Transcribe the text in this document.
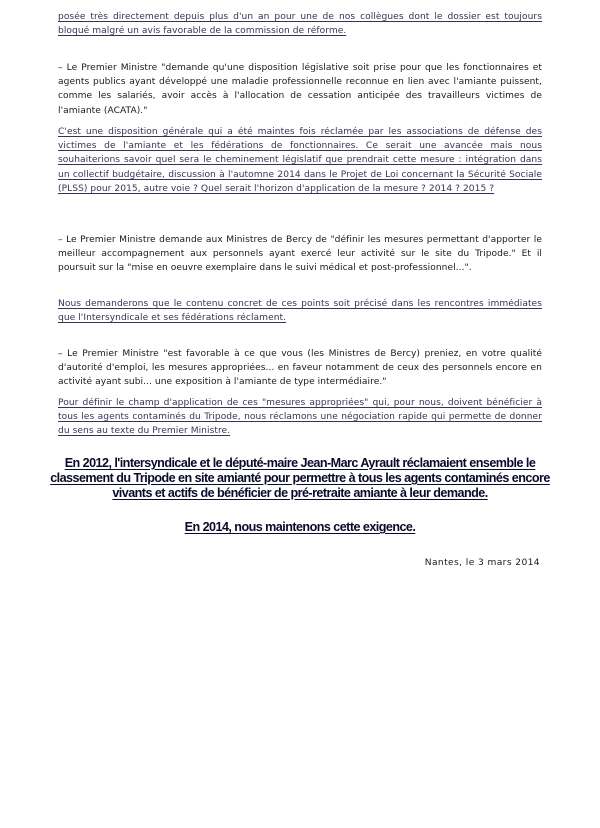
posée très directement depuis plus d'un an pour une de nos collègues dont le dossier est toujours bloqué malgré un avis favorable de la commission de réforme.
– Le Premier Ministre "demande qu'une disposition législative soit prise pour que les fonctionnaires et agents publics ayant développé une maladie professionnelle reconnue en lien avec l'amiante puissent, comme les salariés, avoir accès à l'allocation de cessation anticipée des travailleurs victimes de l'amiante (ACATA)."
C'est une disposition générale qui a été maintes fois réclamée par les associations de défense des victimes de l'amiante et les fédérations de fonctionnaires. Ce serait une avancée mais nous souhaiterions savoir quel sera le cheminement législatif que prendrait cette mesure : intégration dans un collectif budgétaire, discussion à l'automne 2014 dans le Projet de Loi concernant la Sécurité Sociale (PLSS) pour 2015, autre voie ? Quel serait l'horizon d'application de la mesure ? 2014 ? 2015 ?
– Le Premier Ministre demande aux Ministres de Bercy de "définir les mesures permettant d'apporter le meilleur accompagnement aux personnels ayant exercé leur activité sur le site du Tripode." Et il poursuit sur la "mise en oeuvre exemplaire dans le suivi médical et post-professionnel...".
Nous demanderons que le contenu concret de ces points soit précisé dans les rencontres immédiates que l'Intersyndicale et ses fédérations réclament.
– Le Premier Ministre "est favorable à ce que vous (les Ministres de Bercy) preniez, en votre qualité d'autorité d'emploi, les mesures appropriées... en faveur notamment de ceux des personnels encore en activité ayant subi... une exposition à l'amiante de type intermédiaire."
Pour définir le champ d'application de ces "mesures appropriées" qui, pour nous, doivent bénéficier à tous les agents contaminés du Tripode, nous réclamons une négociation rapide qui permette de donner du sens au texte du Premier Ministre.
En 2012, l'intersyndicale et le député-maire Jean-Marc Ayrault réclamaient ensemble le classement du Tripode en site amianté pour permettre à tous les agents contaminés encore vivants et actifs de bénéficier de pré-retraite amiante à leur demande.
En 2014, nous maintenons cette exigence.
Nantes, le 3 mars 2014
